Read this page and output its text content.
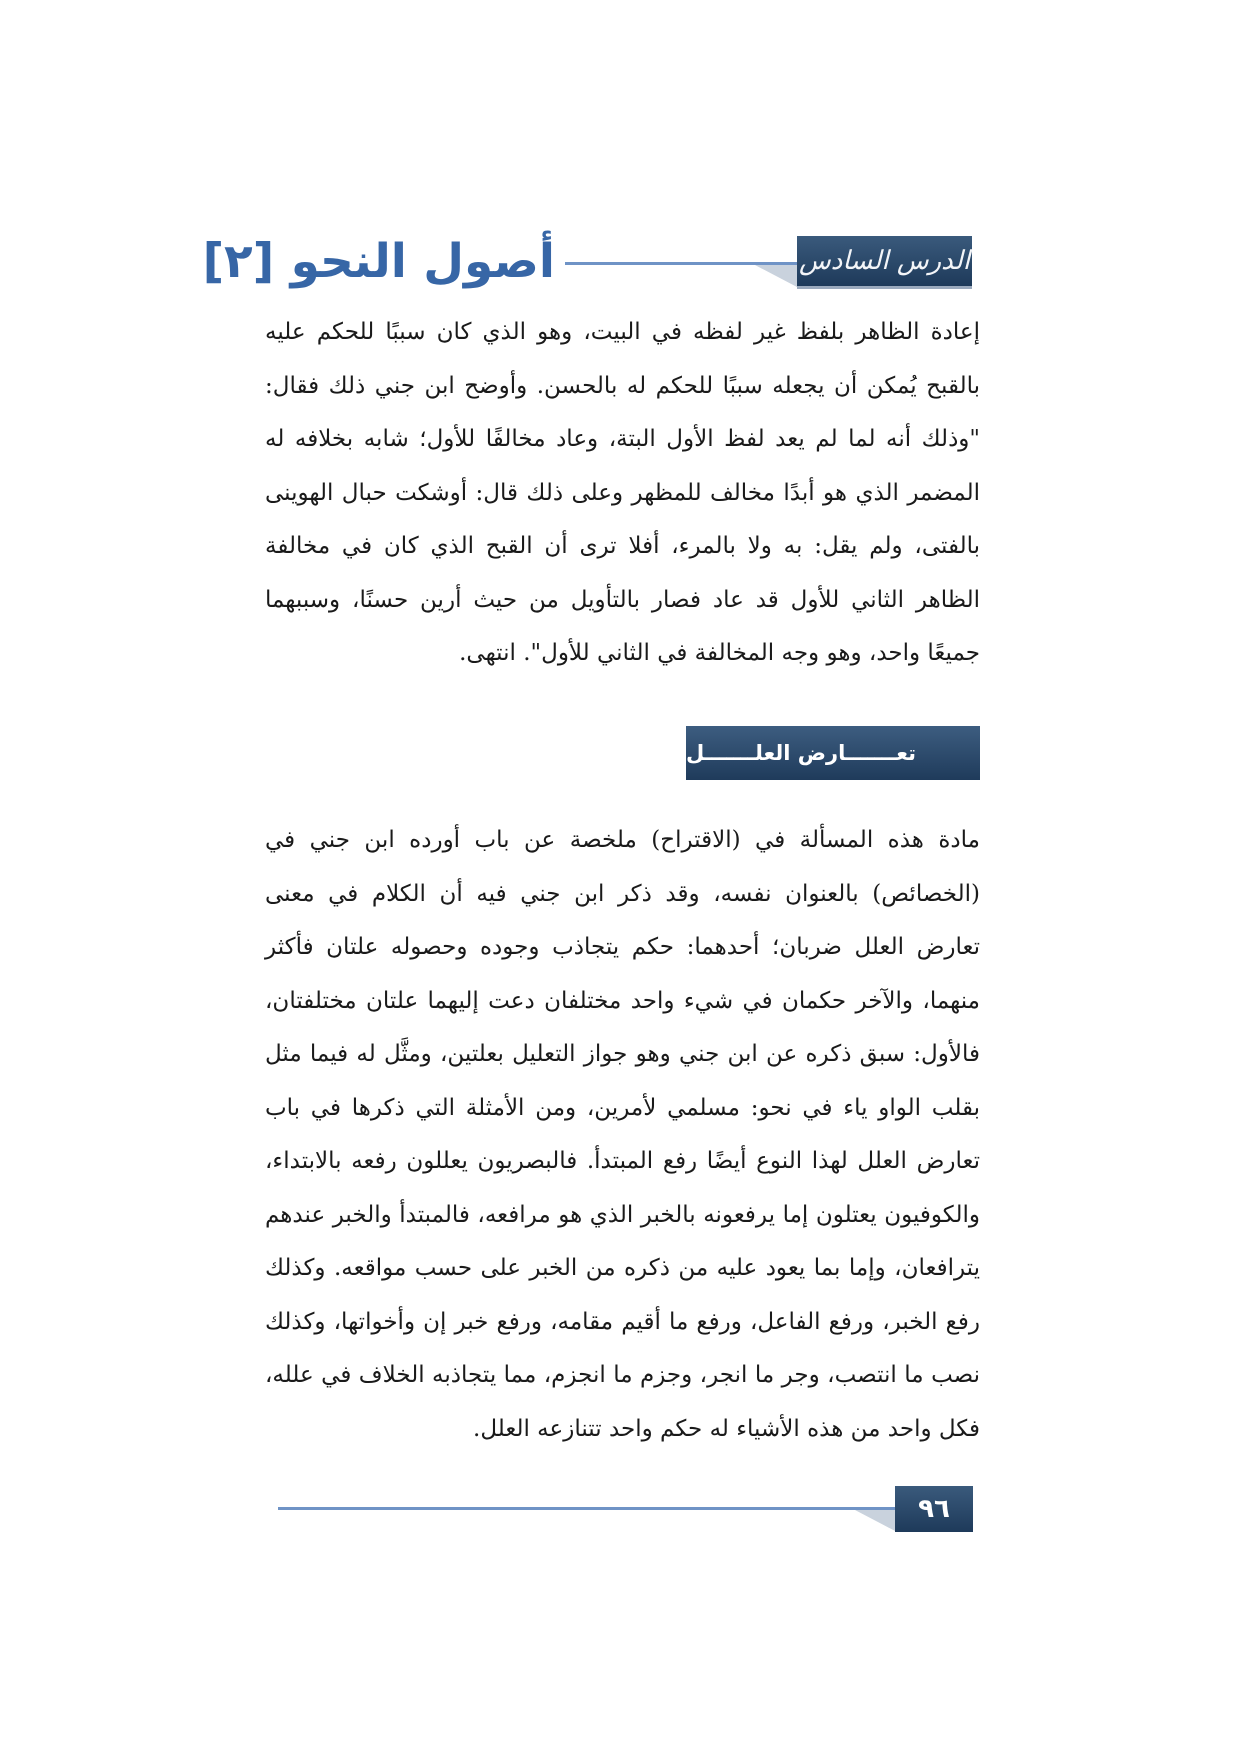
الدرس السادس
أصول النحو [٢]

إعادة الظاهر بلفظ غير لفظه في البيت، وهو الذي كان سببًا للحكم عليه بالقبح يُمكن أن يجعله سببًا للحكم له بالحسن. وأوضح ابن جني ذلك فقال: "وذلك أنه لما لم يعد لفظ الأول البتة، وعاد مخالفًا للأول؛ شابه بخلافه له المضمر الذي هو أبدًا مخالف للمظهر وعلى ذلك قال: أوشكت حبال الهوينى بالفتى، ولم يقل: به ولا بالمرء، أفلا ترى أن القبح الذي كان في مخالفة الظاهر الثاني للأول قد عاد فصار بالتأويل من حيث أرين حسنًا، وسببهما جميعًا واحد، وهو وجه المخالفة في الثاني للأول". انتهى.

تعـــــــارض العلـــــــل

مادة هذه المسألة في (الاقتراح) ملخصة عن باب أورده ابن جني في (الخصائص) بالعنوان نفسه، وقد ذكر ابن جني فيه أن الكلام في معنى تعارض العلل ضربان؛ أحدهما: حكم يتجاذب وجوده وحصوله علتان فأكثر منهما، والآخر حكمان في شيء واحد مختلفان دعت إليهما علتان مختلفتان، فالأول: سبق ذكره عن ابن جني وهو جواز التعليل بعلتين، ومثَّل له فيما مثل بقلب الواو ياء في نحو: مسلمي لأمرين، ومن الأمثلة التي ذكرها في باب تعارض العلل لهذا النوع أيضًا رفع المبتدأ. فالبصريون يعللون رفعه بالابتداء، والكوفيون يعتلون إما يرفعونه بالخبر الذي هو مرافعه، فالمبتدأ والخبر عندهم يترافعان، وإما بما يعود عليه من ذكره من الخبر على حسب مواقعه. وكذلك رفع الخبر، ورفع الفاعل، ورفع ما أقيم مقامه، ورفع خبر إن وأخواتها، وكذلك نصب ما انتصب، وجر ما انجر، وجزم ما انجزم، مما يتجاذبه الخلاف في علله، فكل واحد من هذه الأشياء له حكم واحد تتنازعه العلل.

٩٦
